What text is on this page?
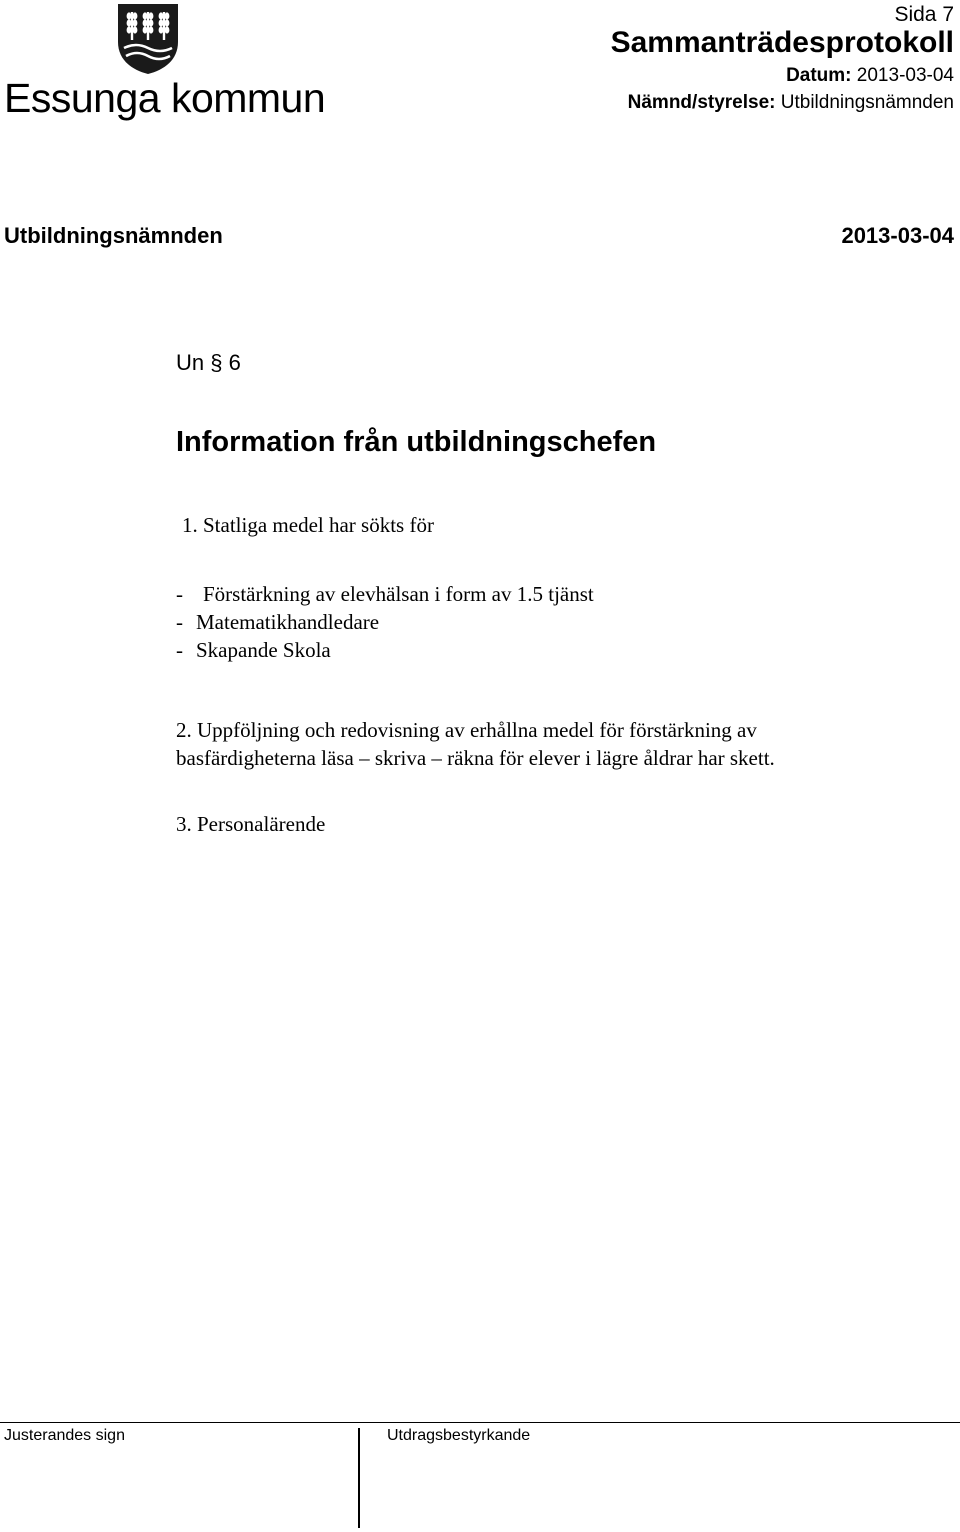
Essunga kommun
Sida 7
Sammanträdesprotokoll
Datum: 2013-03-04
Nämnd/styrelse: Utbildningsnämnden
Utbildningsnämnden	2013-03-04
Un § 6
Information från utbildningschefen
1. Statliga medel har sökts för
- Förstärkning av elevhälsan i form av 1.5 tjänst
- Matematikhandledare
- Skapande Skola
2. Uppföljning och redovisning av erhållna medel för förstärkning av basfärdigheterna läsa – skriva – räkna för elever i lägre åldrar har skett.
3. Personalärende
Justerandes sign	Utdragsbestyrkande
